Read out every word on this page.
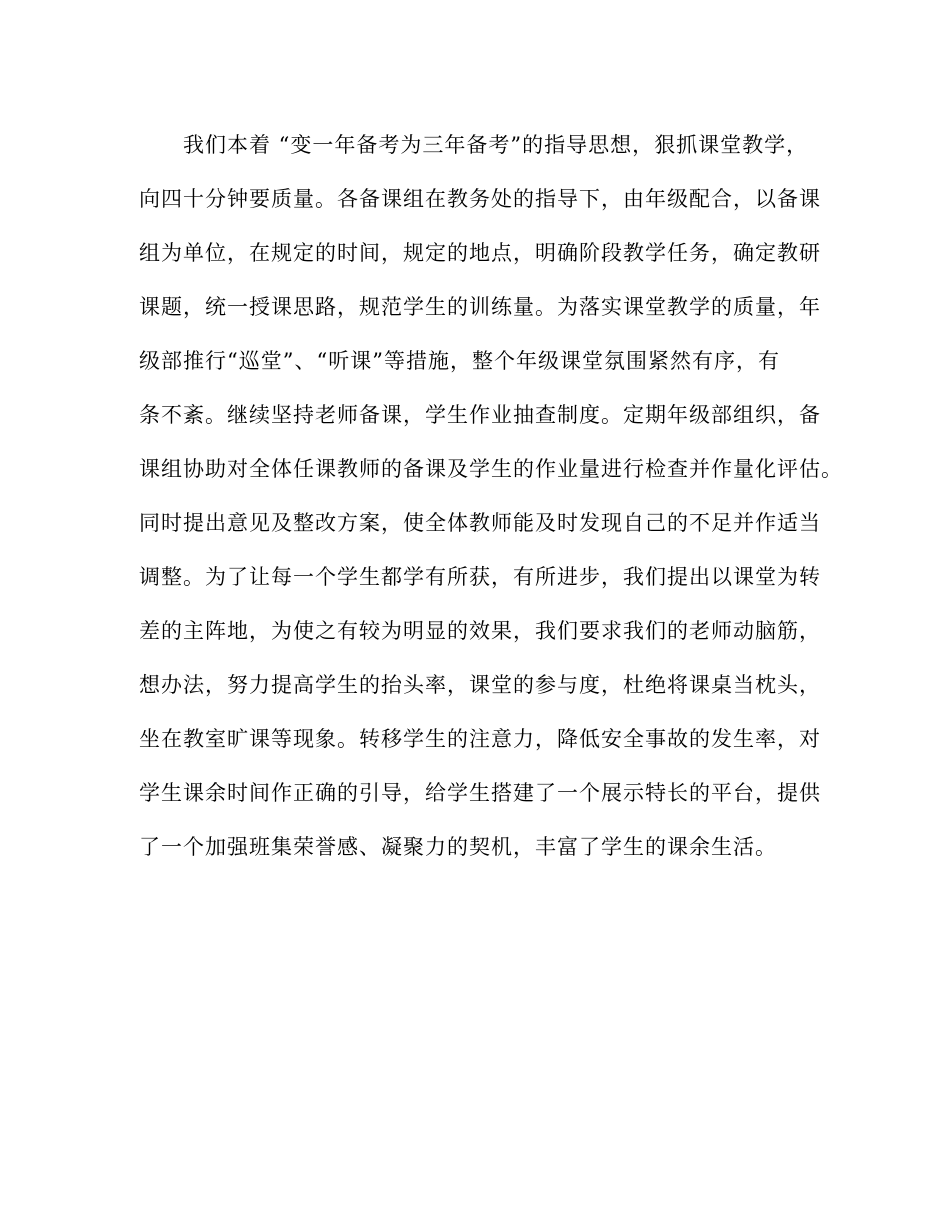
我们本着 “变一年备考为三年备考”的指导思想，狠抓课堂教学，
向四十分钟要质量。各备课组在教务处的指导下，由年级配合，以备课
组为单位，在规定的时间，规定的地点，明确阶段教学任务，确定教研
课题，统一授课思路，规范学生的训练量。为落实课堂教学的质量，年
级部推行“巡堂”、“听课”等措施，整个年级课堂氛围紧然有序，有
条不紊。继续坚持老师备课，学生作业抽查制度。定期年级部组织，备
课组协助对全体任课教师的备课及学生的作业量进行检查并作量化评估。
同时提出意见及整改方案，使全体教师能及时发现自己的不足并作适当
调整。为了让每一个学生都学有所获，有所进步，我们提出以课堂为转
差的主阵地，为使之有较为明显的效果，我们要求我们的老师动脑筋，
想办法，努力提高学生的抬头率，课堂的参与度，杜绝将课桌当枕头，
坐在教室旷课等现象。转移学生的注意力，降低安全事故的发生率，对
学生课余时间作正确的引导，给学生搭建了一个展示特长的平台，提供
了一个加强班集荣誉感、凝聚力的契机，丰富了学生的课余生活。
